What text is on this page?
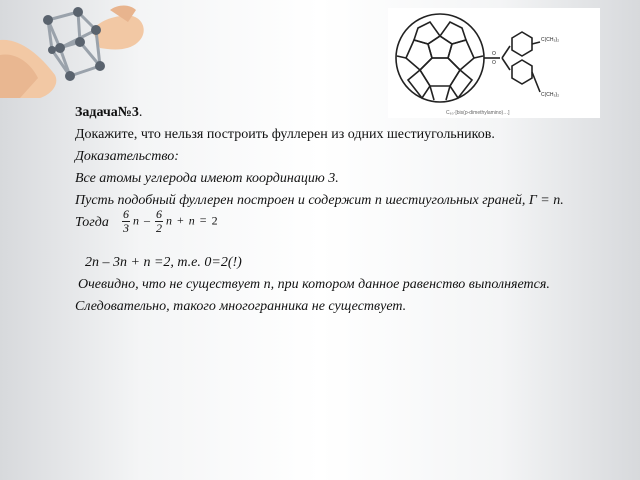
O
O
C(CH₃)₂
C(CH₃)₂
C₆₀·[bis(p-dimethylamino)…]
Задача№3.
Докажите, что нельзя построить фуллерен из одних шестиугольников.
Доказательство:
Все атомы углерода имеют координацию 3.
Пусть подобный фуллерен построен и содержит n шестиугольных граней, Г = n.
Тогда $\frac{6}{3}$ n – $\frac{6}{2}$ n + n = 2
2n – 3n + n =2, т.е. 0=2(!)
Очевидно, что не существует n, при котором данное равенство выполняется.
Следовательно, такого многогранника не существует.
